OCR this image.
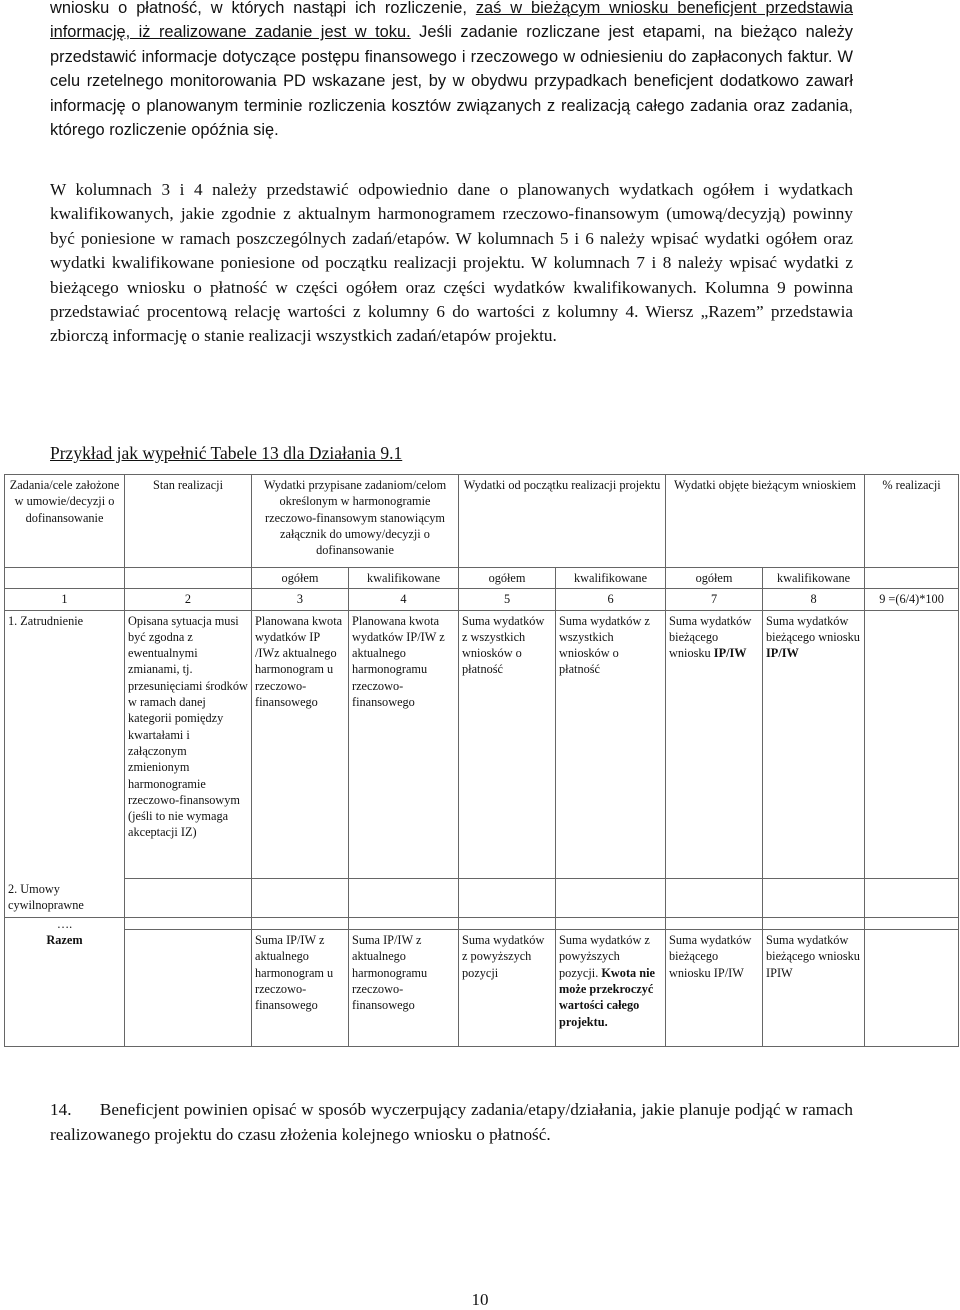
wniosku o płatność, w których nastąpi ich rozliczenie, zaś w bieżącym wniosku beneficjent przedstawia informację, iż realizowane zadanie jest w toku. Jeśli zadanie rozliczane jest etapami, na bieżąco należy przedstawić informacje dotyczące postępu finansowego i rzeczowego w odniesieniu do zapłaconych faktur. W celu rzetelnego monitorowania PD wskazane jest, by w obydwu przypadkach beneficjent dodatkowo zawarł informację o planowanym terminie rozliczenia kosztów związanych z realizacją całego zadania oraz zadania, którego rozliczenie opóźnia się.

W kolumnach 3 i 4 należy przedstawić odpowiednio dane o planowanych wydatkach ogółem i wydatkach kwalifikowanych, jakie zgodnie z aktualnym harmonogramem rzeczowo-finansowym (umową/decyzją) powinny być poniesione w ramach poszczególnych zadań/etapów. W kolumnach 5 i 6 należy wpisać wydatki ogółem oraz wydatki kwalifikowane poniesione od początku realizacji projektu. W kolumnach 7 i 8 należy wpisać wydatki z bieżącego wniosku o płatność w części ogółem oraz części wydatków kwalifikowanych. Kolumna 9 powinna przedstawiać procentową relację wartości z kolumny 6 do wartości z kolumny 4. Wiersz „Razem” przedstawia zbiorczą informację o stanie realizacji wszystkich zadań/etapów projektu.

Przykład jak wypełnić Tabele 13 dla Działania 9.1

Zadania/cele założone w umowie/decyzji o dofinansowanie	Stan realizacji	Wydatki przypisane zadaniom/celom określonym w harmonogramie rzeczowo-finansowym stanowiącym załącznik do umowy/decyzji o dofinansowanie		Wydatki od początku realizacji projektu		Wydatki objęte bieżącym wnioskiem		% realizacji
		ogółem	kwalifikowane	ogółem	kwalifikowane	ogółem	kwalifikowane	
1	2	3	4	5	6	7	8	9 =(6/4)*100
1. Zatrudnienie	Opisana sytuacja musi być zgodna z ewentualnymi zmianami, tj. przesunięciami środków w ramach danej kategorii pomiędzy kwartałami i załączonym zmienionym harmonogramie rzeczowo-finansowym (jeśli to nie wymaga akceptacji IZ)	Planowana kwota wydatków IP /IWz aktualnego harmonogram u rzeczowo-finansowego	Planowana kwota wydatków IP/IW z aktualnego harmonogramu rzeczowo-finansowego	Suma wydatków z wszystkich wniosków o płatność	Suma wydatków z wszystkich wniosków o płatność	Suma wydatków bieżącego wniosku IP/IW	Suma wydatków bieżącego wniosku IP/IW	
2. Umowy cywilnoprawne								
….								
Razem		Suma IP/IW z aktualnego harmonogram u rzeczowo-finansowego	Suma IP/IW z aktualnego harmonogramu rzeczowo-finansowego	Suma wydatków z powyższych pozycji	Suma wydatków z powyższych pozycji. Kwota nie może przekroczyć wartości całego projektu.	Suma wydatków bieżącego wniosku IP/IW	Suma wydatków bieżącego wniosku IPIW	

14. Beneficjent powinien opisać w sposób wyczerpujący zadania/etapy/działania, jakie planuje podjąć w ramach realizowanego projektu do czasu złożenia kolejnego wniosku o płatność.

10
